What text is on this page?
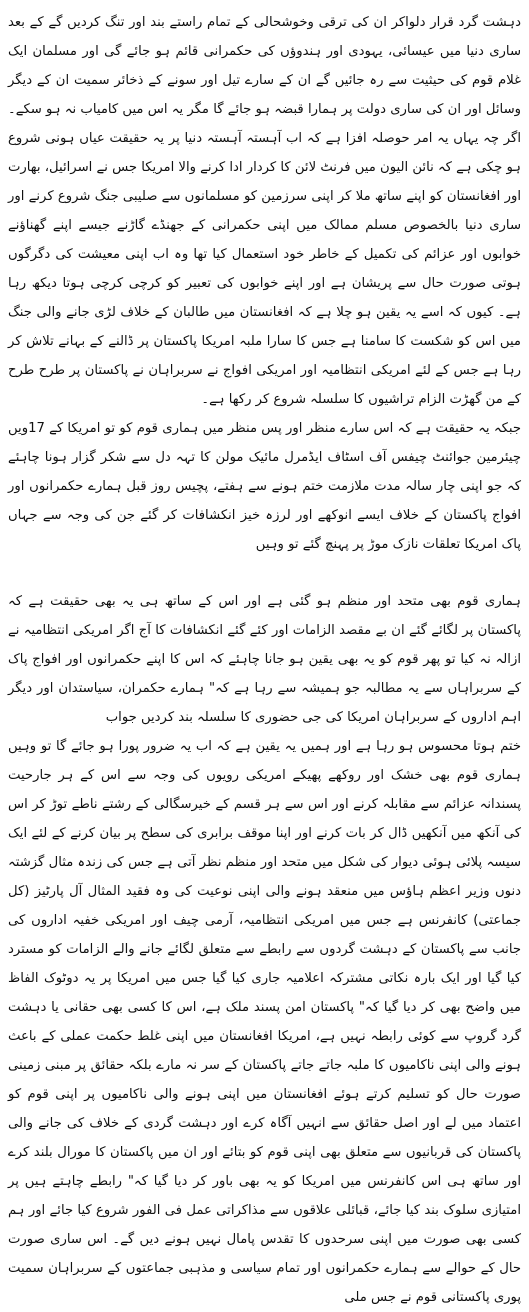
دہشت گرد قرار دلواکر ان کی ترقی وخوشحالی کے تمام راستے بند اور تنگ کردیں گے کے بعد ساری دنیا میں عیسائی، یہودی اور ہندوؤں کی حکمرانی قائم ہو جائے گی اور مسلمان ایک غلام قوم کی حیثیت سے رہ جائیں گے ان کے سارے تیل اور سونے کے ذخائر سمیت ان کے دیگر وسائل اور ان کی ساری دولت پر ہمارا قبضہ ہو جائے گا مگر یہ اس میں کامیاب نہ ہو سکے۔ اگر چہ یہاں یہ امر حوصلہ افزا ہے کہ اب آہستہ آہستہ دنیا پر یہ حقیقت عیاں ہونی شروع ہو چکی ہے کہ نائن الیون میں فرنٹ لائن کا کردار ادا کرنے والا امریکا جس نے اسرائیل، بھارت اور افغانستان کو اپنے ساتھ ملا کر اپنی سرزمین کو مسلمانوں سے صلیبی جنگ شروع کرنے اور ساری دنیا بالخصوص مسلم ممالک میں اپنی حکمرانی کے جھنڈے گاڑنے جیسے اپنے گھناؤنے خوابوں اور عزائم کی تکمیل کے خاطر خود استعمال کیا تھا وہ اب اپنی معیشت کی دگرگوں ہوتی صورت حال سے پریشان ہے اور اپنے خوابوں کی تعبیر کو کرچی کرچی ہوتا دیکھ رہا ہے۔ کیوں کہ اسے یہ یقین ہو چلا ہے کہ افغانستان میں طالبان کے خلاف لڑی جانے والی جنگ میں اس کو شکست کا سامنا ہے جس کا سارا ملبہ امریکا پاکستان پر ڈالنے کے بہانے تلاش کر رہا ہے جس کے لئے امریکی انتظامیہ اور امریکی افواج نے سربراہان نے پاکستان پر طرح طرح کے من گھڑت الزام تراشیوں کا سلسلہ شروع کر رکھا ہے۔

جبکہ یہ حقیقت ہے کہ اس سارے منظر اور پس منظر میں ہماری قوم کو تو امریکا کے 17ویں چیئرمین جوائنٹ چیفس آف اسٹاف ایڈمرل مائیک مولن کا تہہ دل سے شکر گزار ہونا چاہئے کہ جو اپنی چار سالہ مدت ملازمت ختم ہونے سے ہفتے، پچیس روز قبل ہمارے حکمرانوں اور افواج پاکستان کے خلاف ایسے انوکھے اور لرزہ خیز انکشافات کر گئے جن کی وجہ سے جہاں پاک امریکا تعلقات نازک موڑ پر پہنچ گئے تو وہیں

ہماری قوم بھی متحد اور منظم ہو گئی ہے اور اس کے ساتھ ہی یہ بھی حقیقت ہے کہ پاکستان پر لگائے گئے ان بے مقصد الزامات اور کئے گئے انکشافات کا آج اگر امریکی انتظامیہ نے ازالہ نہ کیا تو پھر قوم کو یہ بھی یقین ہو جانا چاہئے کہ اس کا اپنے حکمرانوں اور افواج پاک کے سربراہاں سے یہ مطالبہ جو ہمیشہ سے رہا ہے کہ" ہمارے حکمران، سیاستدان اور دیگر اہم اداروں کے سربراہان امریکا کی جی حضوری کا سلسلہ بند کردیں جواب

ختم ہوتا محسوس ہو رہا ہے اور ہمیں یہ یقین ہے کہ اب یہ ضرور پورا ہو جائے گا تو وہیں ہماری قوم بھی خشک اور روکھے پھیکے امریکی رویوں کی وجہ سے اس کے ہر جارحیت پسندانہ عزائم سے مقابلہ کرنے اور اس سے ہر قسم کے خیرسگالی کے رشتے ناطے توڑ کر اس کی آنکھ میں آنکھیں ڈال کر بات کرنے اور اپنا موقف برابری کی سطح پر بیان کرنے کے لئے ایک سیسہ پلائی ہوئی دیوار کی شکل میں متحد اور منظم نظر آتی ہے جس کی زندہ مثال گزشتہ دنوں وزیر اعظم ہاؤس میں منعقد ہونے والی اپنی نوعیت کی وہ فقید المثال آل پارٹیز (کل جماعتی) کانفرنس ہے جس میں امریکی انتظامیہ، آرمی چیف اور امریکی خفیہ اداروں کی جانب سے پاکستان کے دہشت گردوں سے رابطے سے متعلق لگائے جانے والے الزامات کو مسترد کیا گیا اور ایک بارہ نکاتی مشترکہ اعلامیہ جاری کیا گیا جس میں امریکا پر یہ دوٹوک الفاظ میں واضح بھی کر دیا گیا کہ" پاکستان امن پسند ملک ہے، اس کا کسی بھی حقانی یا دہشت گرد گروپ سے کوئی رابطہ نہیں ہے، امریکا افغانستان میں اپنی غلط حکمت عملی کے باعث ہونے والی اپنی ناکامیوں کا ملبہ جاتے جاتے پاکستان کے سر نہ مارے بلکہ حقائق پر مبنی زمینی صورت حال کو تسلیم کرتے ہوئے افغانستان میں اپنی ہونے والی ناکامیوں پر اپنی قوم کو اعتماد میں لے اور اصل حقائق سے انہیں آگاہ کرے اور دہشت گردی کے خلاف کی جانے والی پاکستان کی قربانیوں سے متعلق بھی اپنی قوم کو بتائے اور ان میں پاکستان کا مورال بلند کرے اور ساتھ ہی اس کانفرنس میں امریکا کو یہ بھی باور کر دیا گیا کہ" رابطے چاہتے ہیں پر امتیازی سلوک بند کیا جائے، قبائلی علاقوں سے مذاکراتی عمل فی الفور شروع کیا جائے اور ہم کسی بھی صورت میں اپنی سرحدوں کا تقدس پامال نہیں ہونے دیں گے۔ اس ساری صورت حال کے حوالے سے ہمارے حکمرانوں اور تمام سیاسی و مذہبی جماعتوں کے سربراہان سمیت پوری پاکستانی قوم نے جس ملی
